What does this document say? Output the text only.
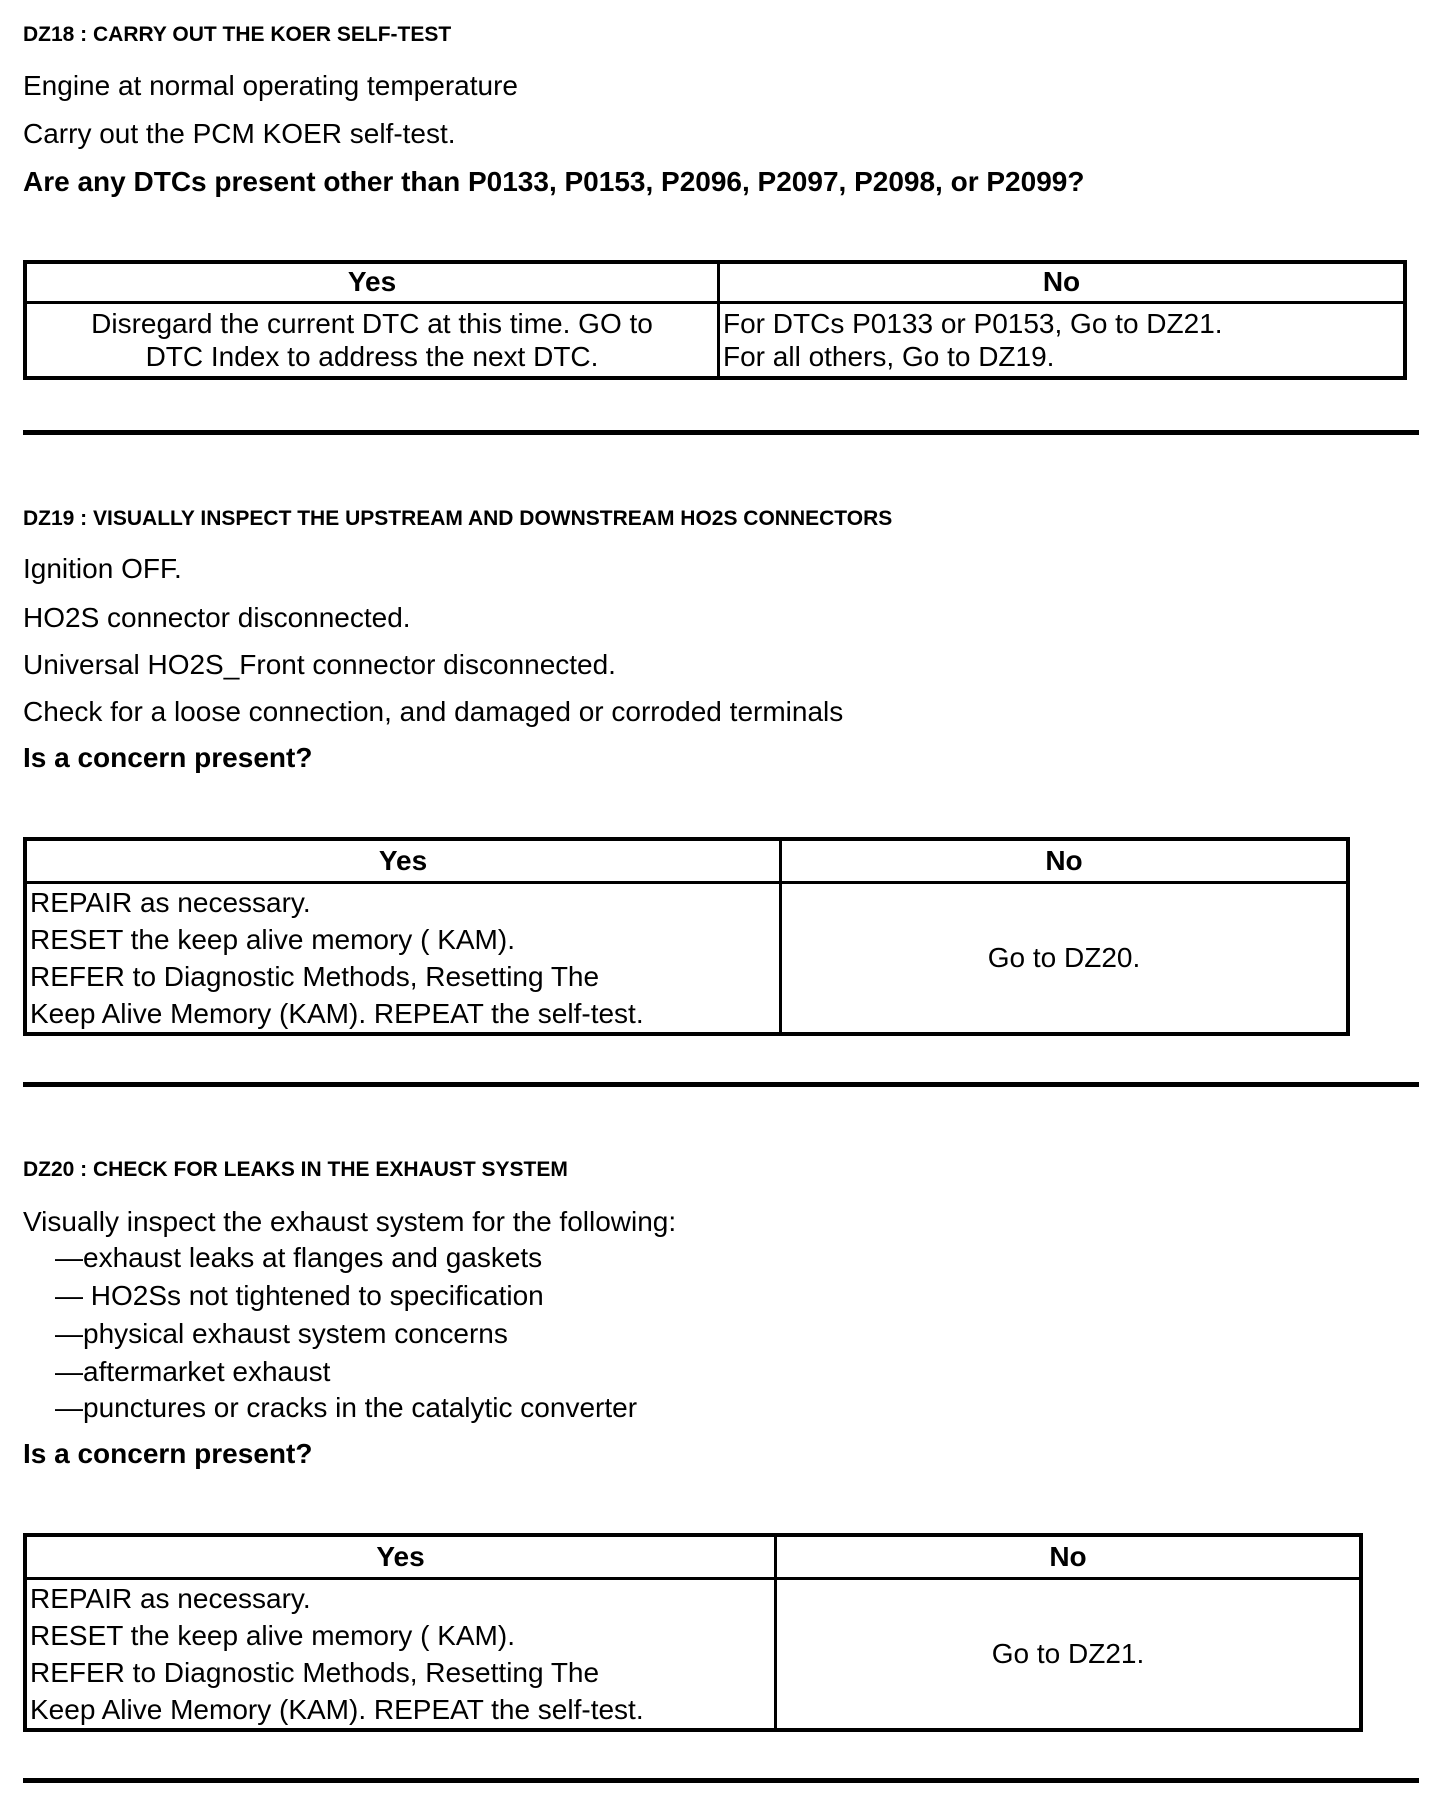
DZ18 : CARRY OUT THE KOER SELF-TEST
Engine at normal operating temperature
Carry out the PCM KOER self-test.
Are any DTCs present other than P0133, P0153, P2096, P2097, P2098, or P2099?
Yes	No

Disregard the current DTC at this time. GO to
DTC Index to address the next DTC.	For DTCs P0133 or P0153, Go to DZ21.
For all others, Go to DZ19.
DZ19 : VISUALLY INSPECT THE UPSTREAM AND DOWNSTREAM HO2S CONNECTORS
Ignition OFF.
HO2S connector disconnected.
Universal HO2S_Front connector disconnected.
Check for a loose connection, and damaged or corroded terminals
Is a concern present?
Yes	No

REPAIR as necessary.
RESET the keep alive memory ( KAM).
REFER to Diagnostic Methods, Resetting The
Keep Alive Memory (KAM). REPEAT the self-test.	Go to DZ20.
DZ20 : CHECK FOR LEAKS IN THE EXHAUST SYSTEM
Visually inspect the exhaust system for the following:
—exhaust leaks at flanges and gaskets
— HO2Ss not tightened to specification
—physical exhaust system concerns
—aftermarket exhaust
—punctures or cracks in the catalytic converter
Is a concern present?
Yes	No

REPAIR as necessary.
RESET the keep alive memory ( KAM).
REFER to Diagnostic Methods, Resetting The
Keep Alive Memory (KAM). REPEAT the self-test.	Go to DZ21.
